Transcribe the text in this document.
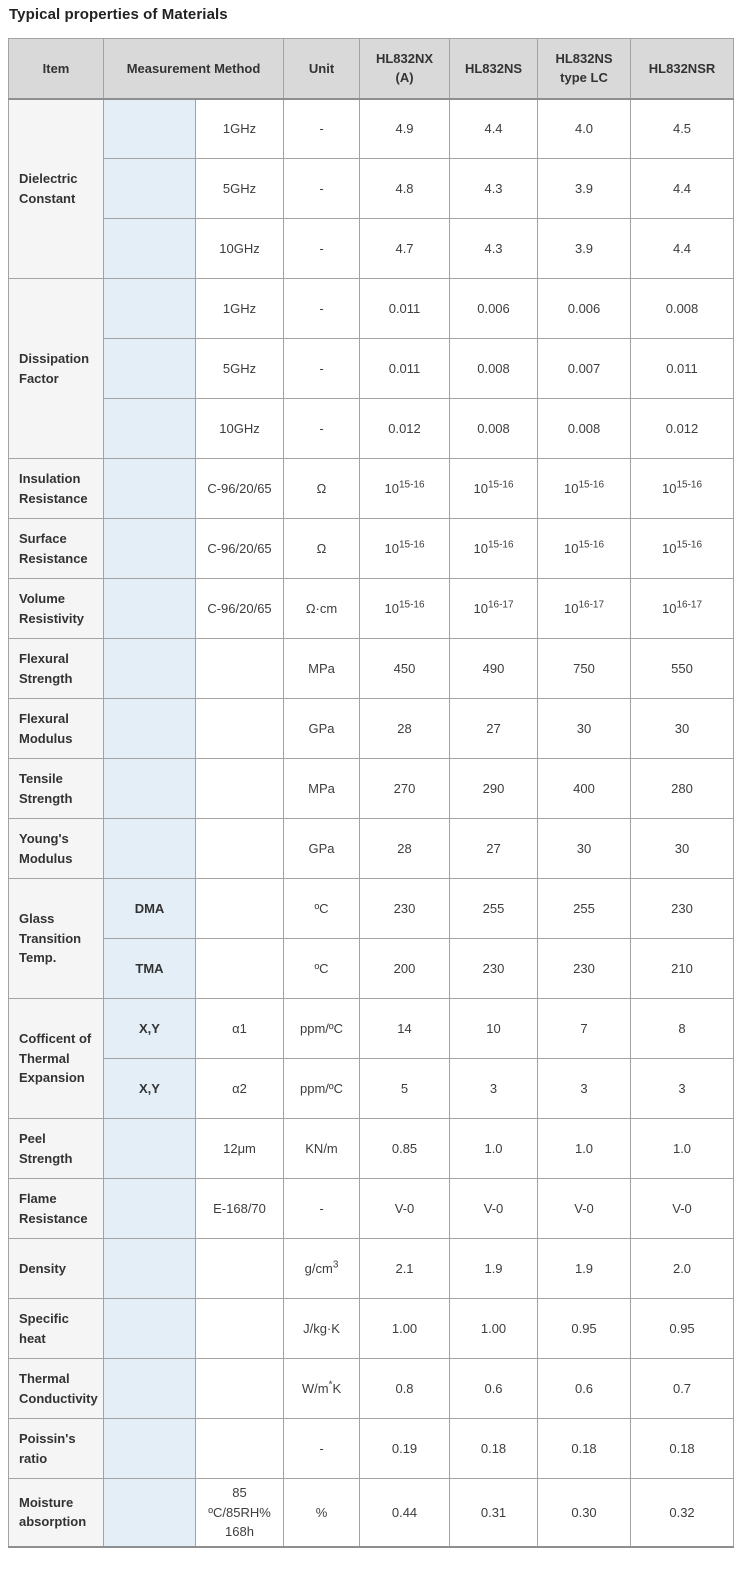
Typical properties of Materials
Item	Measurement Method		Unit	HL832NX (A)	HL832NS	HL832NS type LC	HL832NSR
Dielectric Constant		1GHz	-	4.9	4.4	4.0	4.5
		5GHz	-	4.8	4.3	3.9	4.4
		10GHz	-	4.7	4.3	3.9	4.4
Dissipation Factor		1GHz	-	0.011	0.006	0.006	0.008
		5GHz	-	0.011	0.008	0.007	0.011
		10GHz	-	0.012	0.008	0.008	0.012
Insulation Resistance		C-96/20/65	Ω	10$^{15-16}$	10$^{15-16}$	10$^{15-16}$	10$^{15-16}$
Surface Resistance		C-96/20/65	Ω	10$^{15-16}$	10$^{15-16}$	10$^{15-16}$	10$^{15-16}$
Volume Resistivity		C-96/20/65	Ω·cm	10$^{15-16}$	10$^{16-17}$	10$^{16-17}$	10$^{16-17}$
Flexural Strength			MPa	450	490	750	550
Flexural Modulus			GPa	28	27	30	30
Tensile Strength			MPa	270	290	400	280
Young's Modulus			GPa	28	27	30	30
Glass Transition Temp.	DMA		ºC	230	255	255	230
	TMA		ºC	200	230	230	210
Cofficent of Thermal Expansion	X,Y	α1	ppm/ºC	14	10	7	8
	X,Y	α2	ppm/ºC	5	3	3	3
Peel Strength		12μm	KN/m	0.85	1.0	1.0	1.0
Flame Resistance		E-168/70	-	V-0	V-0	V-0	V-0
Density			$g/cm^3$	2.1	1.9	1.9	2.0
Specific heat			J/kg·K	1.00	1.00	0.95	0.95
Thermal Conductivity			W/m*K	0.8	0.6	0.6	0.7
Poissin's ratio			-	0.19	0.18	0.18	0.18
Moisture absorption		85 ºC/85RH% 168h	%	0.44	0.31	0.30	0.32
